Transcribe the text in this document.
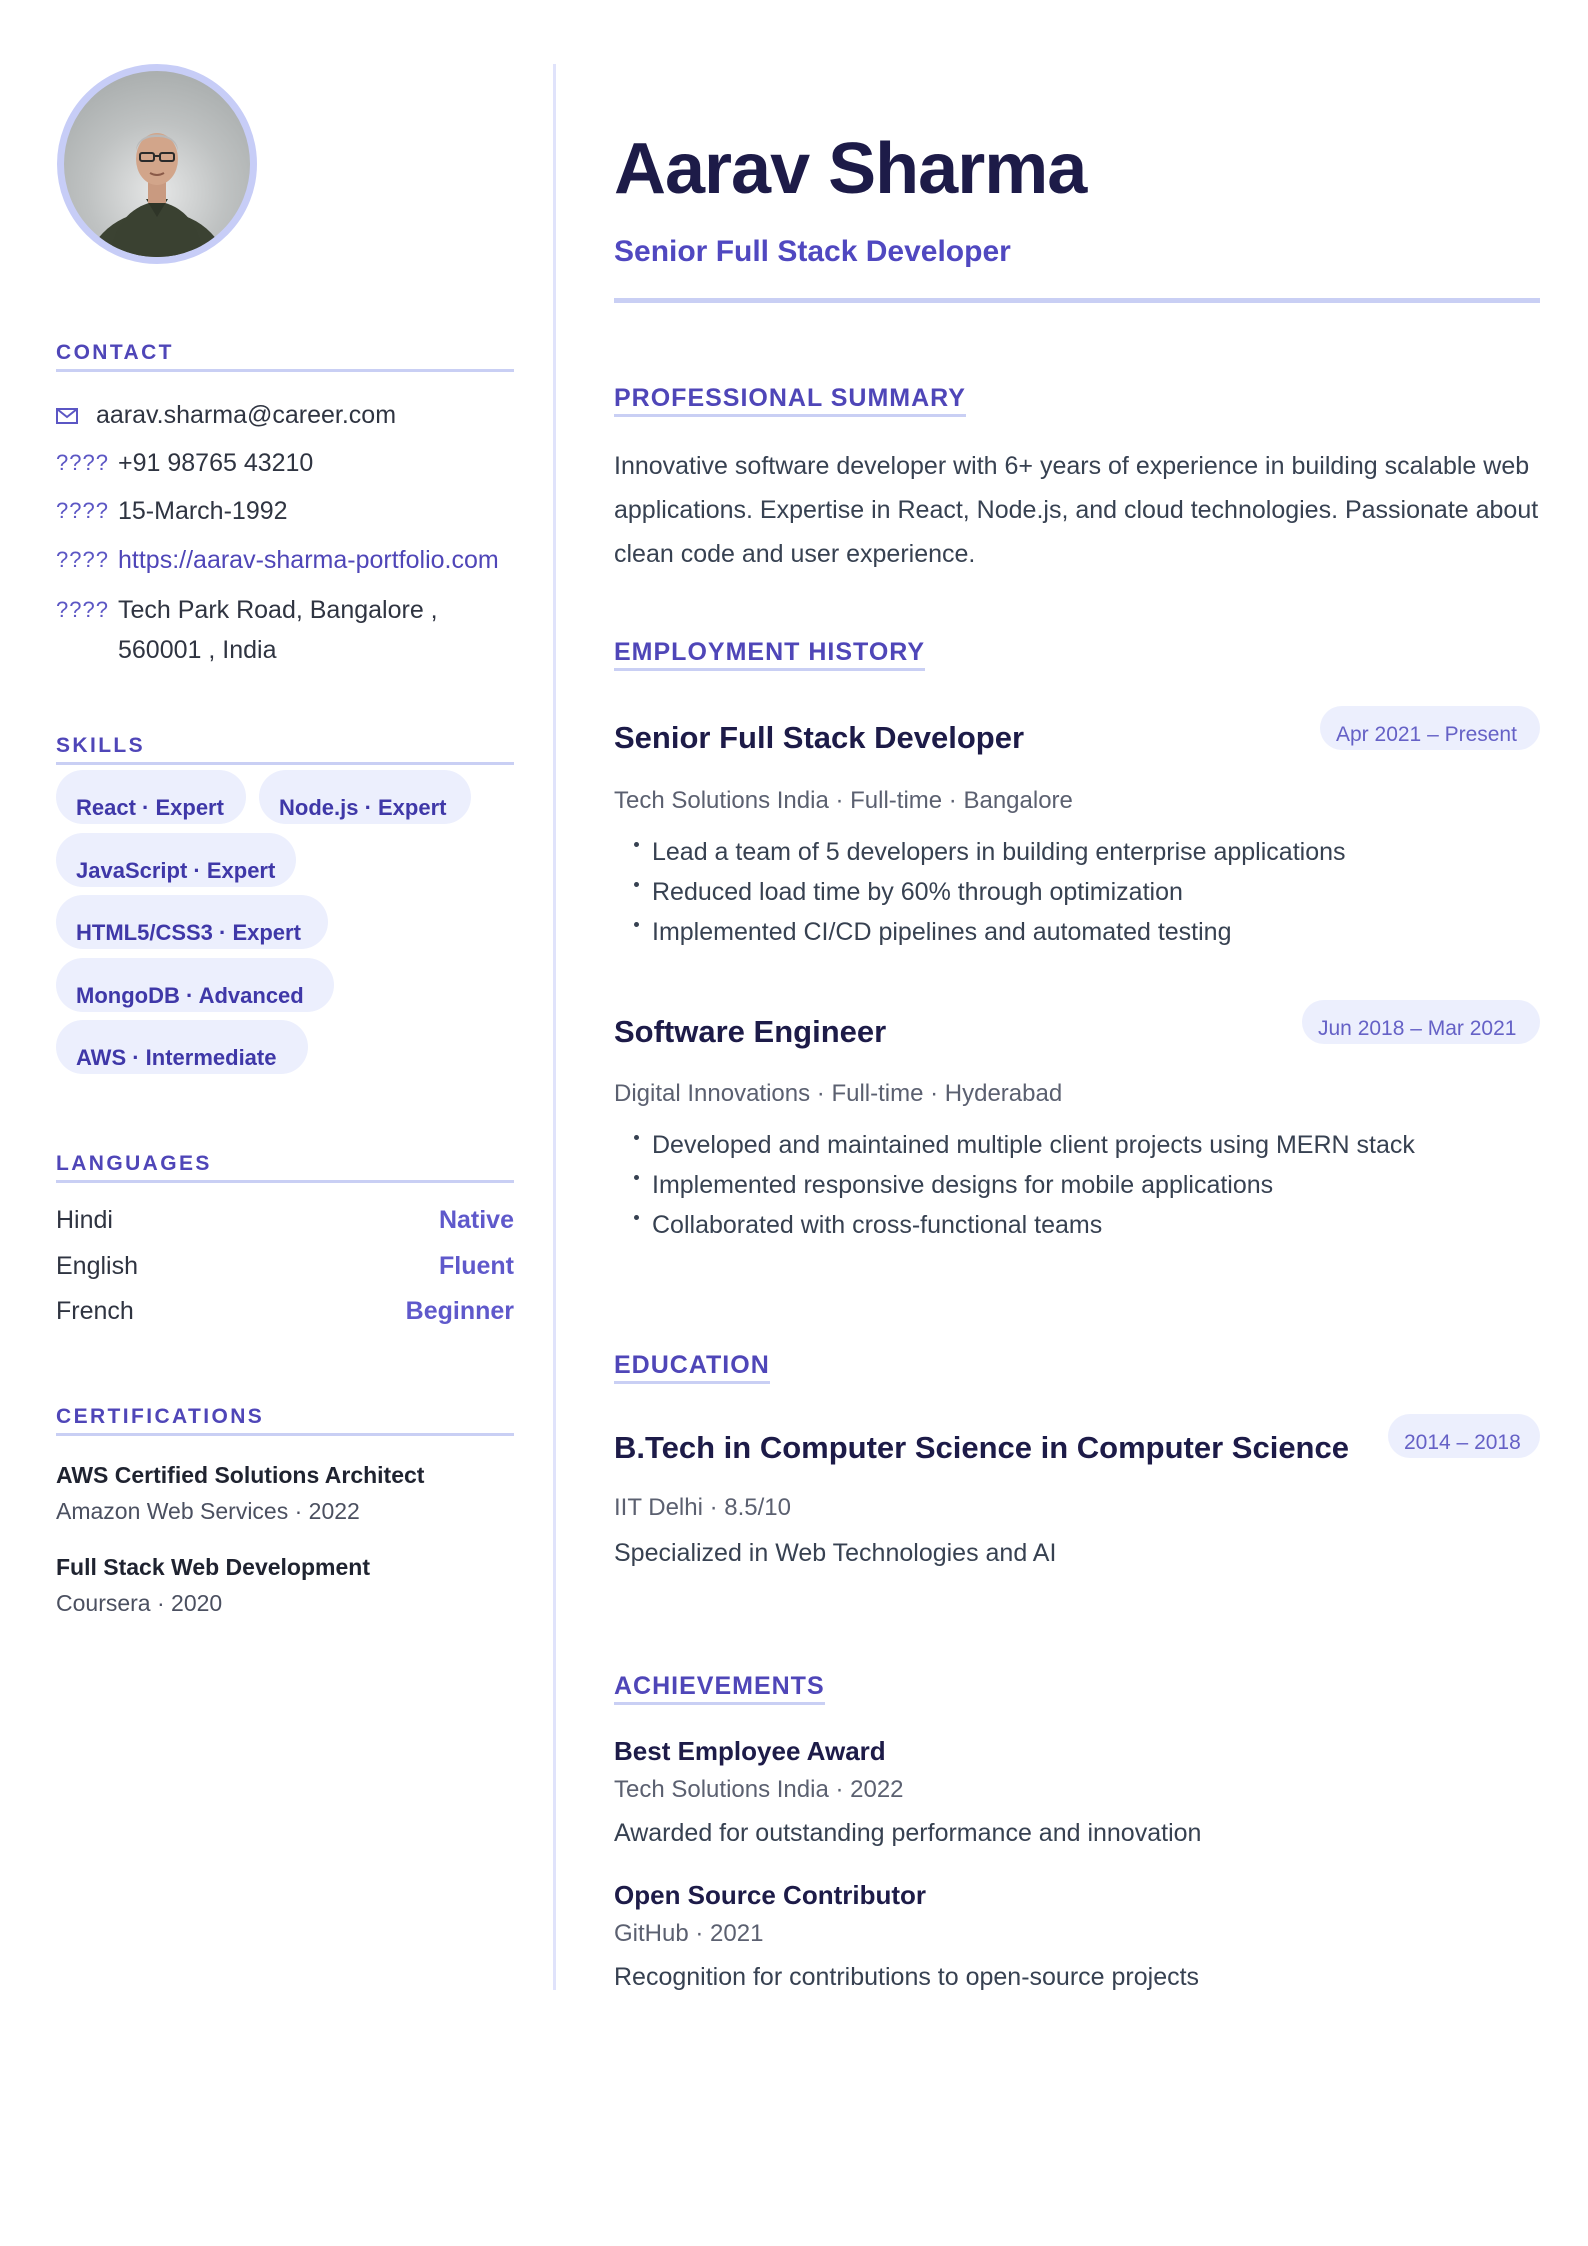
CONTACT
aarav.sharma@career.com
???? +91 98765 43210
???? 15-March-1992
???? https://aarav-sharma-portfolio.com
???? Tech Park Road, Bangalore , 560001 , India
SKILLS
React · Expert	Node.js · Expert
JavaScript · Expert
HTML5/CSS3 · Expert
MongoDB · Advanced
AWS · Intermediate
LANGUAGES
Hindi	Native
English	Fluent
French	Beginner
CERTIFICATIONS
AWS Certified Solutions Architect
Amazon Web Services · 2022
Full Stack Web Development
Coursera · 2020
Aarav Sharma
Senior Full Stack Developer
PROFESSIONAL SUMMARY

Innovative software developer with 6+ years of experience in building scalable web applications. Expertise in React, Node.js, and cloud technologies. Passionate about clean code and user experience.

EMPLOYMENT HISTORY
Senior Full Stack Developer	Apr 2021 – Present
Tech Solutions India · Full-time · Bangalore
Lead a team of 5 developers in building enterprise applications
Reduced load time by 60% through optimization
Implemented CI/CD pipelines and automated testing
Software Engineer	Jun 2018 – Mar 2021
Digital Innovations · Full-time · Hyderabad
Developed and maintained multiple client projects using MERN stack
Implemented responsive designs for mobile applications
Collaborated with cross-functional teams
EDUCATION
B.Tech in Computer Science in Computer Science	2014 – 2018
IIT Delhi · 8.5/10
Specialized in Web Technologies and AI
ACHIEVEMENTS
Best Employee Award
Tech Solutions India · 2022
Awarded for outstanding performance and innovation
Open Source Contributor
GitHub · 2021
Recognition for contributions to open-source projects
